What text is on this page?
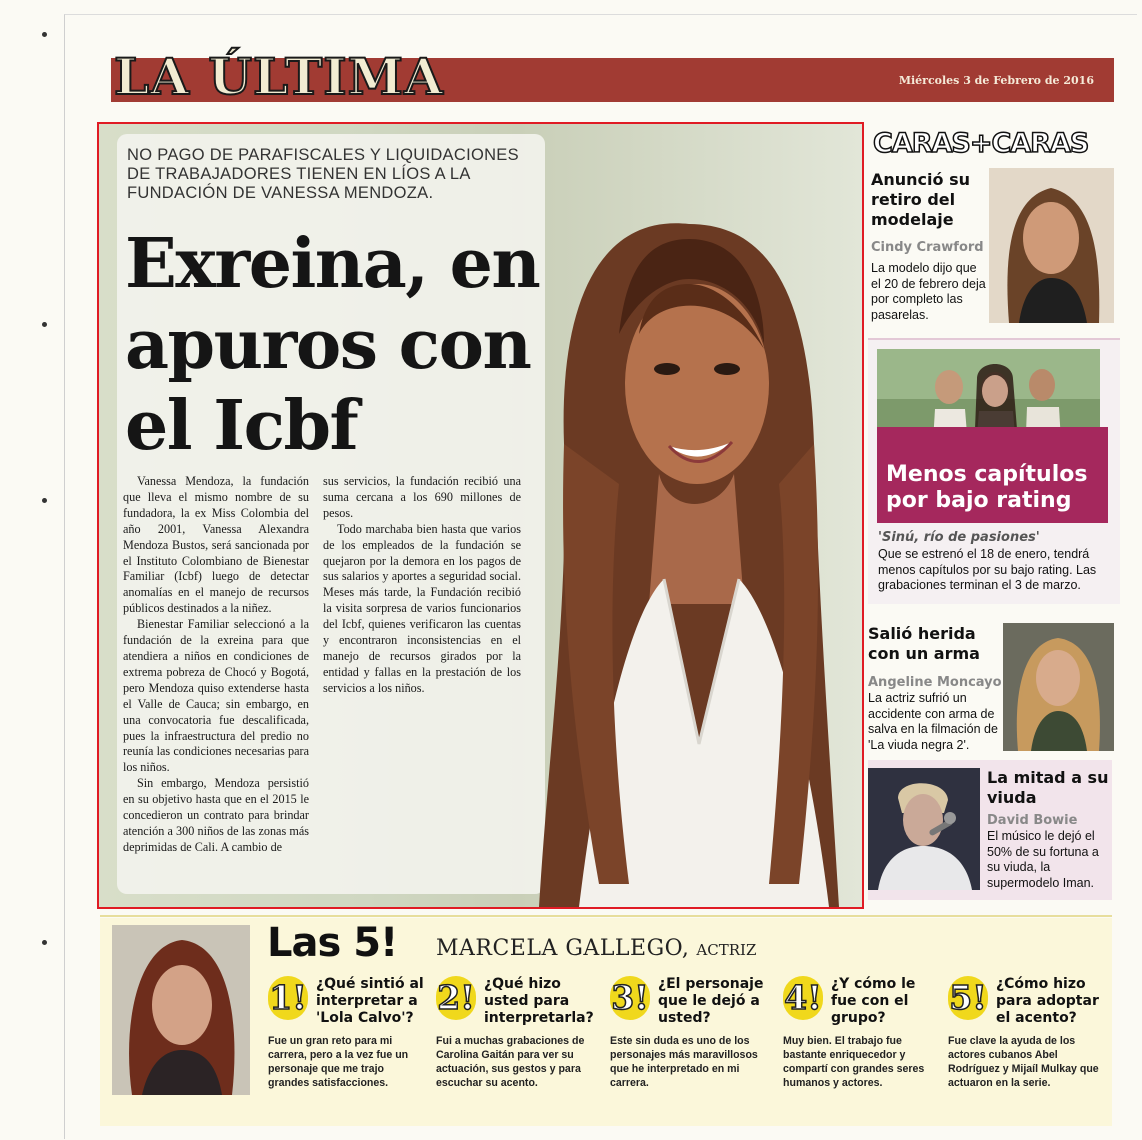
LA ÚLTIMA	Miércoles 3 de Febrero de 2016
NO PAGO DE PARAFISCALES Y LIQUIDACIONES DE TRABAJADORES TIENEN EN LÍOS A LA FUNDACIÓN DE VANESSA MENDOZA.
Exreina, en
apuros con
el Icbf

Vanessa Mendoza, la fundación que lleva el mismo nombre de su fundadora, la ex Miss Colombia del año 2001, Vanessa Alexandra Mendoza Bustos, será sancionada por el Instituto Colombiano de Bienestar Familiar (Icbf) luego de detectar anomalías en el manejo de recursos públicos destinados a la niñez.

Bienestar Familiar seleccionó a la fundación de la exreina para que atendiera a niños en condiciones de extrema pobreza de Chocó y Bogotá, pero Mendoza quiso extenderse hasta el Valle de Cauca; sin embargo, en una convocatoria fue descalificada, pues la infraestructura del predio no reunía las condiciones necesarias para los niños.

Sin embargo, Mendoza persistió en su objetivo hasta que en el 2015 le concedieron un contrato para brindar atención a 300 niños de las zonas más deprimidas de Cali. A cambio de

sus servicios, la fundación recibió una suma cercana a los 690 millones de pesos.

Todo marchaba bien hasta que varios de los empleados de la fundación se quejaron por la demora en los pagos de sus salarios y aportes a seguridad social. Meses más tarde, la Fundación recibió la visita sorpresa de varios funcionarios del Icbf, quienes verificaron las cuentas y encontraron inconsistencias en el manejo de recursos girados por la entidad y fallas en la prestación de los servicios a los niños.

CARAS+CARAS
Anunció su retiro del modelaje
Cindy Crawford
La modelo dijo que el 20 de febrero deja por completo las pasarelas.
Menos capítulos por bajo rating
'Sinú, río de pasiones'
Que se estrenó el 18 de enero, tendrá menos capítulos por su bajo rating. Las grabaciones terminan el 3 de marzo.
Salió herida con un arma
Angeline Moncayo
La actriz sufrió un accidente con arma de salva en la filmación de 'La viuda negra 2'.
La mitad a su viuda
David Bowie
El músico le dejó el 50% de su fortuna a su viuda, la supermodelo Iman.
Las 5! MARCELA GALLEGO, ACTRIZ
1! ¿Qué sintió al interpretar a 'Lola Calvo'?
Fue un gran reto para mi carrera, pero a la vez fue un personaje que me trajo grandes satisfacciones.
2! ¿Qué hizo usted para interpretarla?
Fui a muchas grabaciones de Carolina Gaitán para ver su actuación, sus gestos y para escuchar su acento.
3! ¿El personaje que le dejó a usted?
Este sin duda es uno de los personajes más maravillosos que he interpretado en mi carrera.
4! ¿Y cómo le fue con el grupo?
Muy bien. El trabajo fue bastante enriquecedor y compartí con grandes seres humanos y actores.
5! ¿Cómo hizo para adoptar el acento?
Fue clave la ayuda de los actores cubanos Abel Rodríguez y Mijaíl Mulkay que actuaron en la serie.
